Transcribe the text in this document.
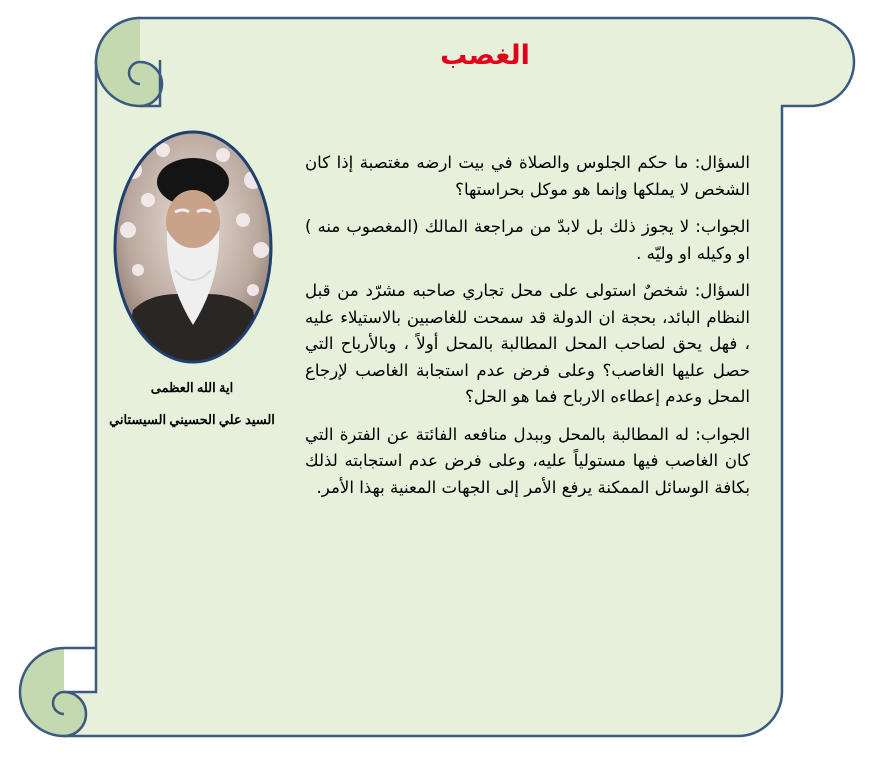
الغصب
اية الله العظمى
السيد علي الحسيني السيستاني

السؤال: ما حكم الجلوس والصلاة في بيت ارضه مغتصبة إذا كان الشخص لا يملكها وإنما هو موكل بحراستها؟

الجواب: لا يجوز ذلك بل لابدّ من مراجعة المالك (المغصوب منه ) او وكيله او وليّه .

السؤال: شخصٌ استولى على محل تجاري صاحبه مشرّد من قبل النظام البائد، بحجة ان الدولة قد سمحت للغاصبين بالاستيلاء عليه ، فهل يحق لصاحب المحل المطالبة بالمحل أولاً ، وبالأرباح التي حصل عليها الغاصب؟ وعلى فرض عدم استجابة الغاصب لإرجاع المحل وعدم إعطاءه الارباح فما هو الحل؟

الجواب: له المطالبة بالمحل وببدل منافعه الفائتة عن الفترة التي كان الغاصب فيها مستولياً عليه، وعلى فرض عدم استجابته لذلك بكافة الوسائل الممكنة يرفع الأمر إلى الجهات المعنية بهذا الأمر.
